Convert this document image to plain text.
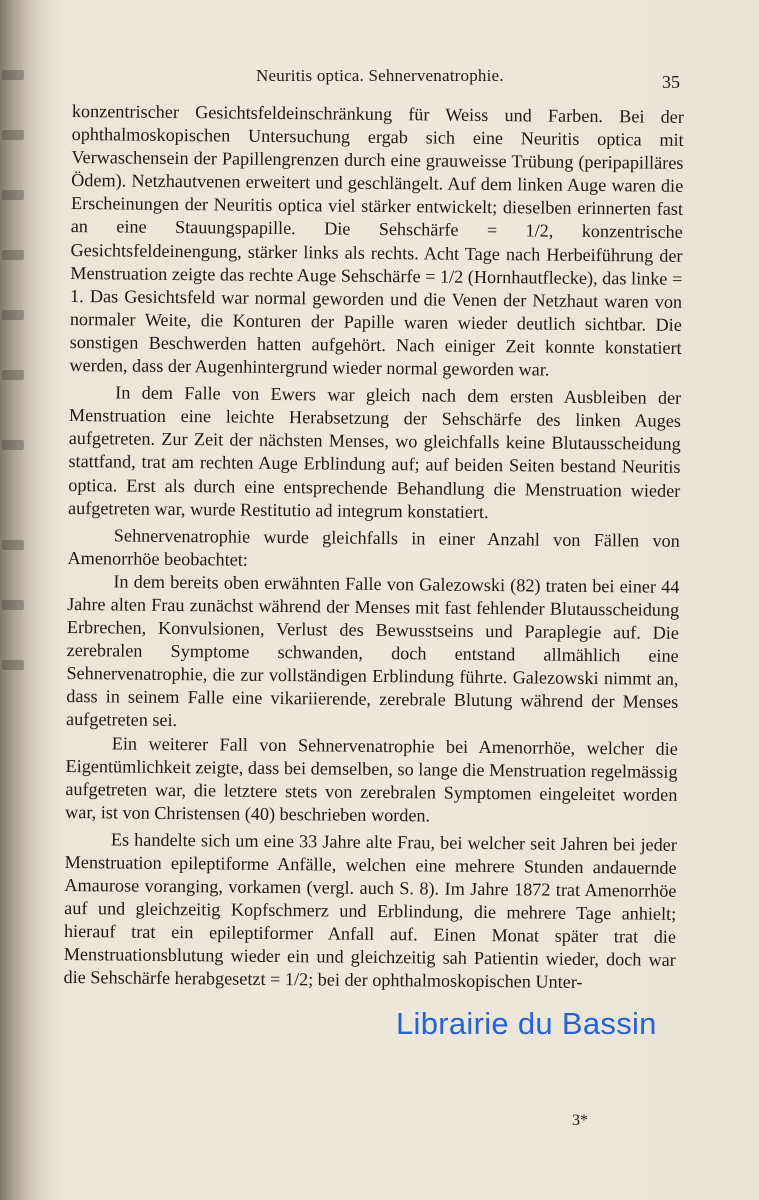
Neuritis optica. Sehnervenatrophie.	35

konzentrischer Gesichtsfeldeinschränkung für Weiss und Farben. Bei der ophthalmoskopischen Untersuchung ergab sich eine Neuritis optica mit Verwaschensein der Papillengrenzen durch eine grauweisse Trübung (peripapilläres Ödem). Netzhautvenen erweitert und geschlängelt. Auf dem linken Auge waren die Erscheinungen der Neuritis optica viel stärker entwickelt; dieselben erinnerten fast an eine Stauungspapille. Die Sehschärfe = 1/2, konzentrische Gesichtsfeldeinengung, stärker links als rechts. Acht Tage nach Herbeiführung der Menstruation zeigte das rechte Auge Sehschärfe = 1/2 (Hornhautflecke), das linke = 1. Das Gesichtsfeld war normal geworden und die Venen der Netzhaut waren von normaler Weite, die Konturen der Papille waren wieder deutlich sichtbar. Die sonstigen Beschwerden hatten aufgehört. Nach einiger Zeit konnte konstatiert werden, dass der Augenhintergrund wieder normal geworden war.

In dem Falle von Ewers war gleich nach dem ersten Ausbleiben der Menstruation eine leichte Herabsetzung der Sehschärfe des linken Auges aufgetreten. Zur Zeit der nächsten Menses, wo gleichfalls keine Blutausscheidung stattfand, trat am rechten Auge Erblindung auf; auf beiden Seiten bestand Neuritis optica. Erst als durch eine entsprechende Behandlung die Menstruation wieder aufgetreten war, wurde Restitutio ad integrum konstatiert.

Sehnervenatrophie wurde gleichfalls in einer Anzahl von Fällen von Amenorrhöe beobachtet:

In dem bereits oben erwähnten Falle von Galezowski (82) traten bei einer 44 Jahre alten Frau zunächst während der Menses mit fast fehlender Blutausscheidung Erbrechen, Konvulsionen, Verlust des Bewusstseins und Paraplegie auf. Die zerebralen Symptome schwanden, doch entstand allmählich eine Sehnervenatrophie, die zur vollständigen Erblindung führte. Galezowski nimmt an, dass in seinem Falle eine vikariierende, zerebrale Blutung während der Menses aufgetreten sei.

Ein weiterer Fall von Sehnervenatrophie bei Amenorrhöe, welcher die Eigentümlichkeit zeigte, dass bei demselben, so lange die Menstruation regelmässig aufgetreten war, die letztere stets von zerebralen Symptomen eingeleitet worden war, ist von Christensen (40) beschrieben worden.

Es handelte sich um eine 33 Jahre alte Frau, bei welcher seit Jahren bei jeder Menstruation epileptiforme Anfälle, welchen eine mehrere Stunden andauernde Amaurose voranging, vorkamen (vergl. auch S. 8). Im Jahre 1872 trat Amenorrhöe auf und gleichzeitig Kopfschmerz und Erblindung, die mehrere Tage anhielt; hierauf trat ein epileptiformer Anfall auf. Einen Monat später trat die Menstruationsblutung wieder ein und gleichzeitig sah Patientin wieder, doch war die Sehschärfe herabgesetzt = 1/2; bei der ophthalmoskopischen Unter-

3*
Librairie du Bassin
